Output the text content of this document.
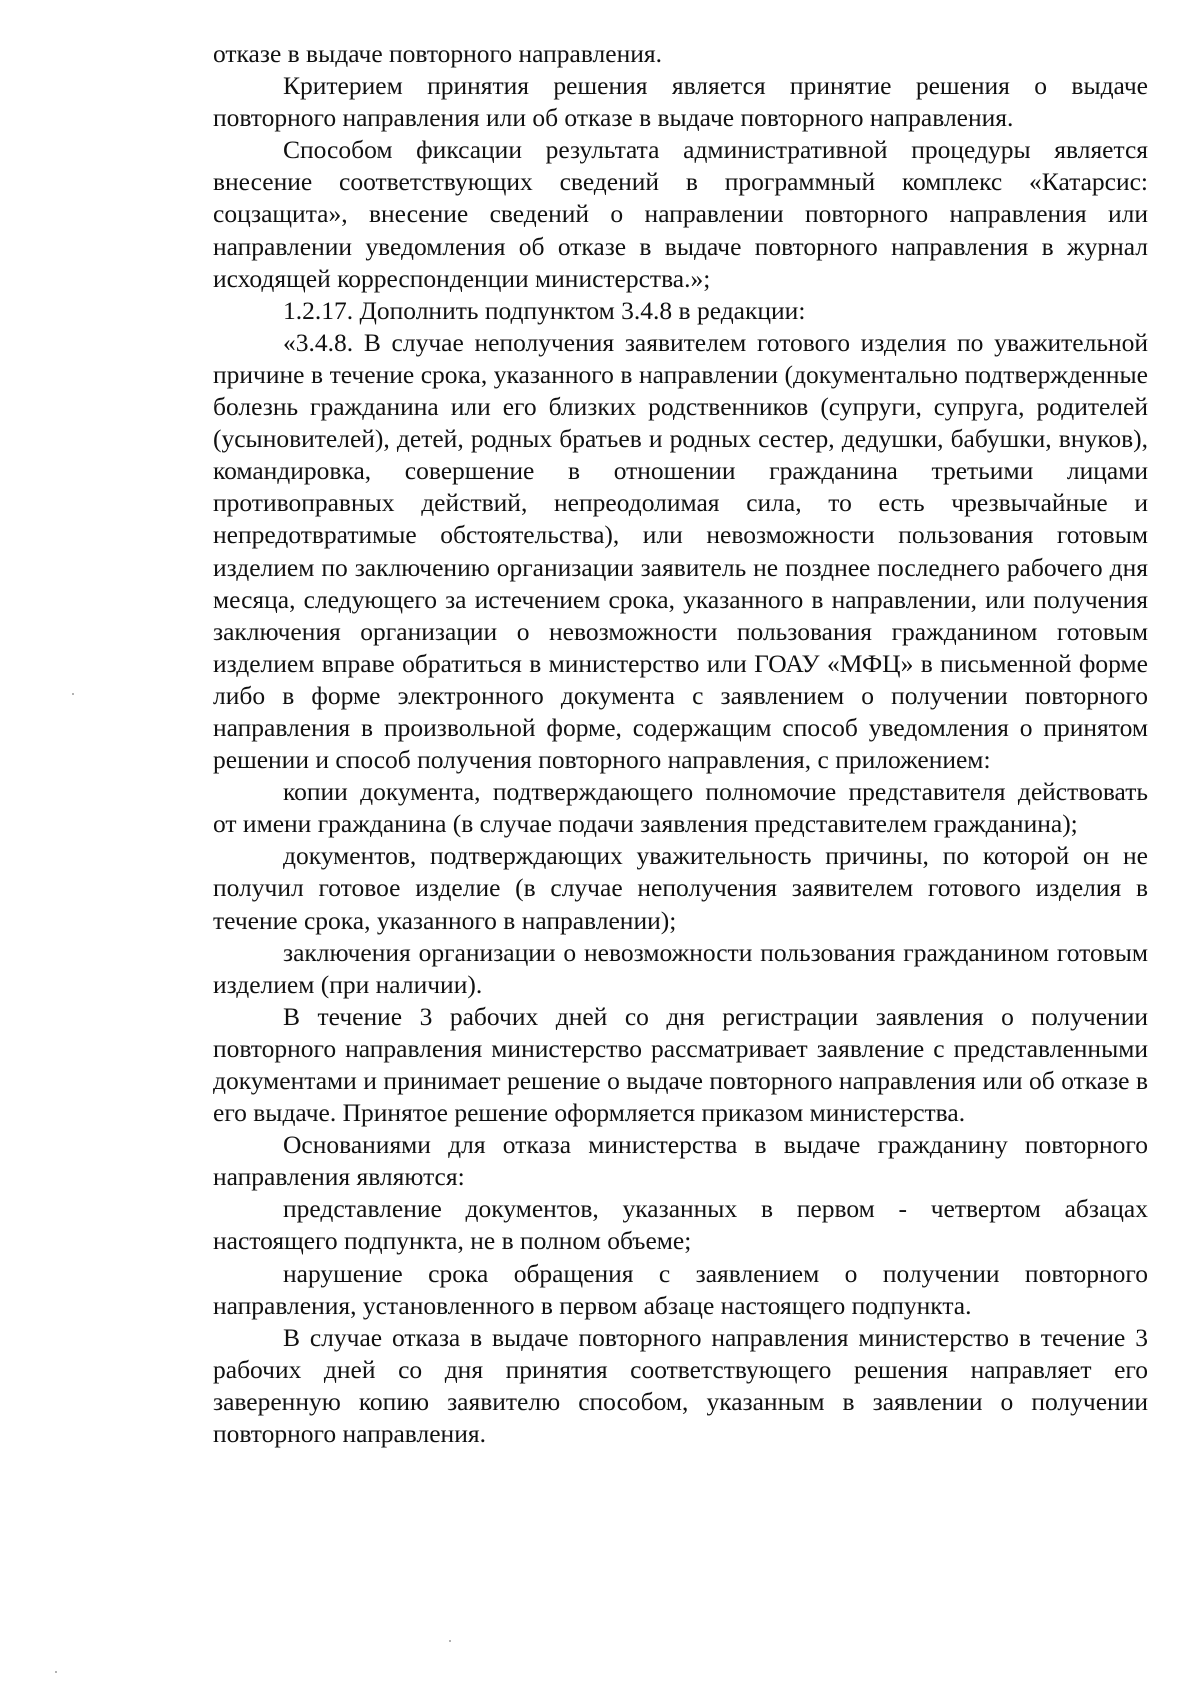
отказе в выдаче повторного направления.

Критерием принятия решения является принятие решения о выдаче повторного направления или об отказе в выдаче повторного направления.

Способом фиксации результата административной процедуры является внесение соответствующих сведений в программный комплекс «Катарсис: соцзащита», внесение сведений о направлении повторного направления или направлении уведомления об отказе в выдаче повторного направления в журнал исходящей корреспонденции министерства.»;

1.2.17. Дополнить подпунктом 3.4.8 в редакции:

«3.4.8. В случае неполучения заявителем готового изделия по уважительной причине в течение срока, указанного в направлении (документально подтвержденные болезнь гражданина или его близких родственников (супруги, супруга, родителей (усыновителей), детей, родных братьев и родных сестер, дедушки, бабушки, внуков), командировка, совершение в отношении гражданина третьими лицами противоправных действий, непреодолимая сила, то есть чрезвычайные и непредотвратимые обстоятельства), или невозможности пользования готовым изделием по заключению организации заявитель не позднее последнего рабочего дня месяца, следующего за истечением срока, указанного в направлении, или получения заключения организации о невозможности пользования гражданином готовым изделием вправе обратиться в министерство или ГОАУ «МФЦ» в письменной форме либо в форме электронного документа с заявлением о получении повторного направления в произвольной форме, содержащим способ уведомления о принятом решении и способ получения повторного направления, с приложением:

копии документа, подтверждающего полномочие представителя действовать от имени гражданина (в случае подачи заявления представителем гражданина);

документов, подтверждающих уважительность причины, по которой он не получил готовое изделие (в случае неполучения заявителем готового изделия в течение срока, указанного в направлении);

заключения организации о невозможности пользования гражданином готовым изделием (при наличии).

В течение 3 рабочих дней со дня регистрации заявления о получении повторного направления министерство рассматривает заявление с представленными документами и принимает решение о выдаче повторного направления или об отказе в его выдаче. Принятое решение оформляется приказом министерства.

Основаниями для отказа министерства в выдаче гражданину повторного направления являются:

представление документов, указанных в первом - четвертом абзацах настоящего подпункта, не в полном объеме;

нарушение срока обращения с заявлением о получении повторного направления, установленного в первом абзаце настоящего подпункта.

В случае отказа в выдаче повторного направления министерство в течение 3 рабочих дней со дня принятия соответствующего решения направляет его заверенную копию заявителю способом, указанным в заявлении о получении повторного направления.
